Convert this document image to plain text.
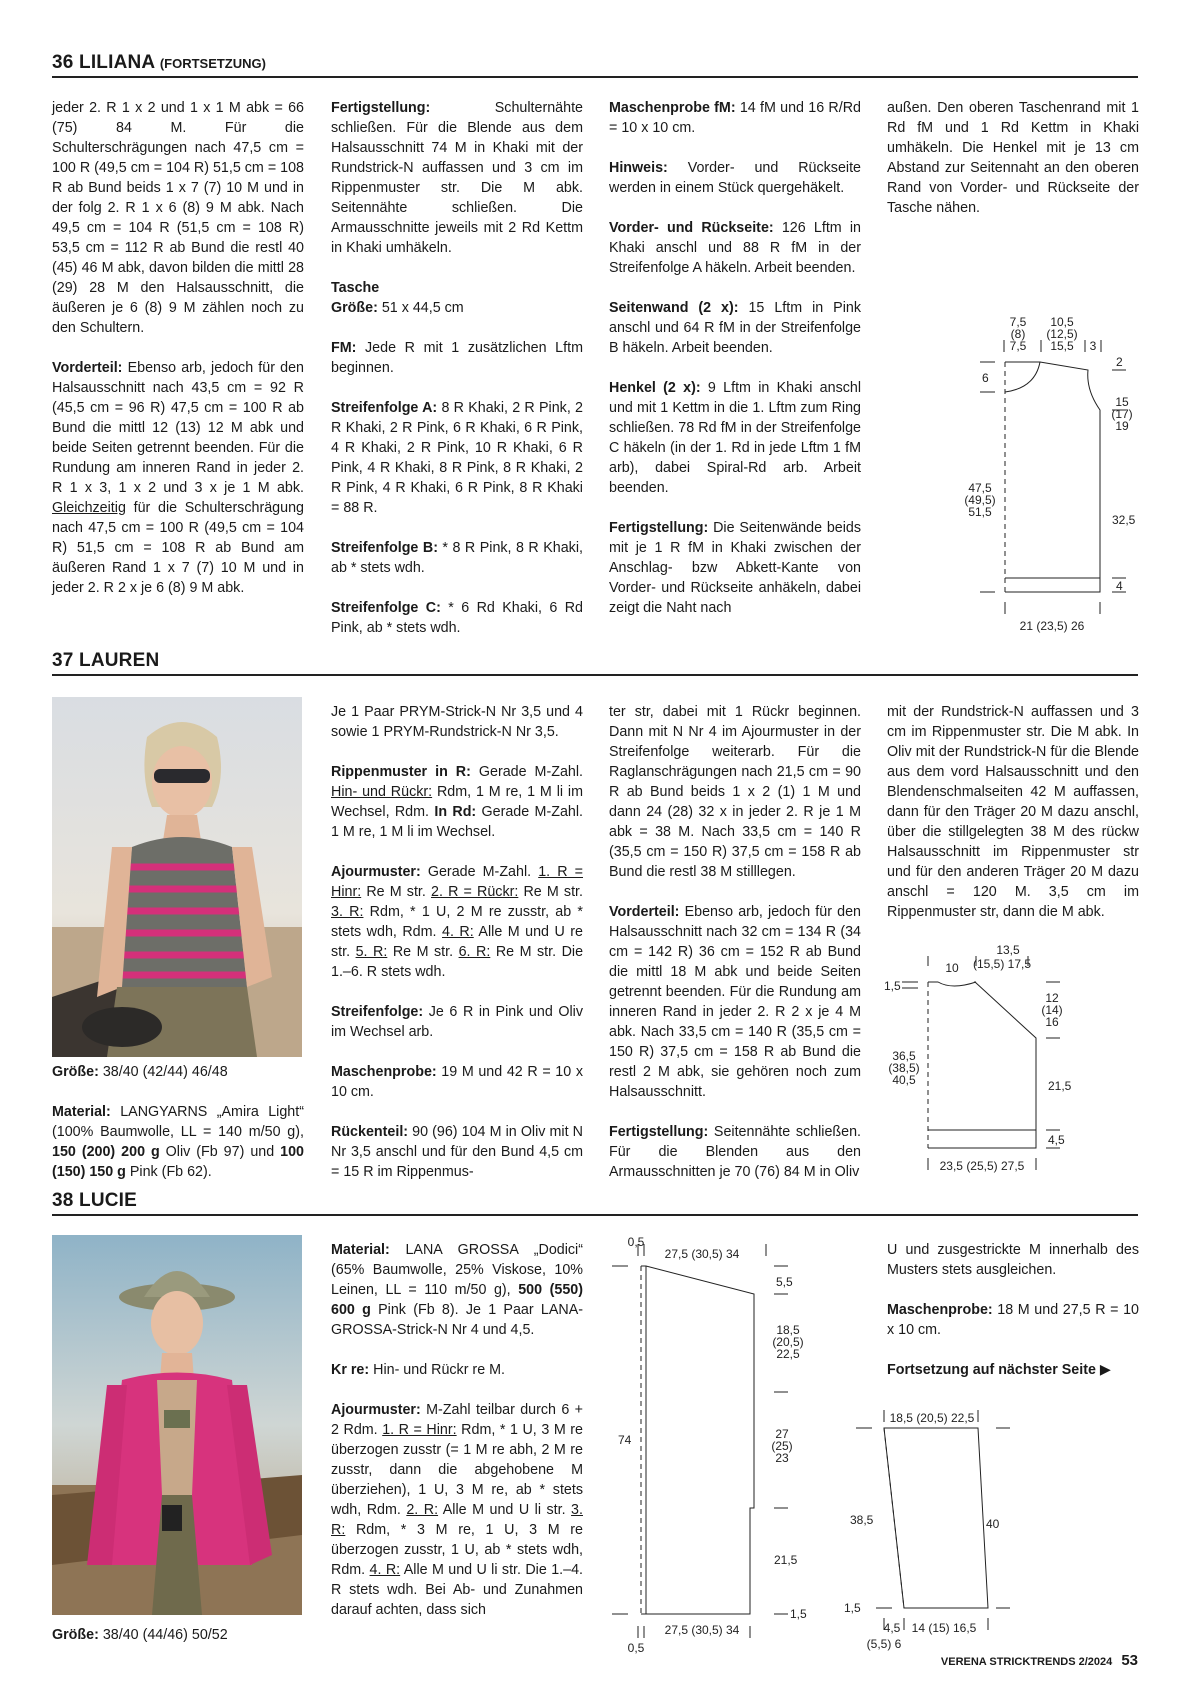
36 LILIANA (FORTSETZUNG)

jeder 2. R 1 x 2 und 1 x 1 M abk = 66 (75) 84 M. Für die Schulterschrägungen nach 47,5 cm = 100 R (49,5 cm = 104 R) 51,5 cm = 108 R ab Bund beids 1 x 7 (7) 10 M und in der folg 2. R 1 x 6 (8) 9 M abk. Nach 49,5 cm = 104 R (51,5 cm = 108 R) 53,5 cm = 112 R ab Bund die restl 40 (45) 46 M abk, davon bilden die mittl 28 (29) 28 M den Halsausschnitt, die äußeren je 6 (8) 9 M zählen noch zu den Schultern.

Vorderteil: Ebenso arb, jedoch für den Halsausschnitt nach 43,5 cm = 92 R (45,5 cm = 96 R) 47,5 cm = 100 R ab Bund die mittl 12 (13) 12 M abk und beide Seiten getrennt beenden. Für die Rundung am inneren Rand in jeder 2. R 1 x 3, 1 x 2 und 3 x je 1 M abk. Gleichzeitig für die Schulterschrägung nach 47,5 cm = 100 R (49,5 cm = 104 R) 51,5 cm = 108 R ab Bund am äußeren Rand 1 x 7 (7) 10 M und in jeder 2. R 2 x je 6 (8) 9 M abk.

Fertigstellung: Schulternähte schließen. Für die Blende aus dem Halsausschnitt 74 M in Khaki mit der Rundstrick-N auffassen und 3 cm im Rippenmuster str. Die M abk. Seitennähte schließen. Die Armausschnitte jeweils mit 2 Rd Kettm in Khaki umhäkeln.

Tasche
Größe: 51 x 44,5 cm

FM: Jede R mit 1 zusätzlichen Lftm beginnen.

Streifenfolge A: 8 R Khaki, 2 R Pink, 2 R Khaki, 2 R Pink, 6 R Khaki, 6 R Pink, 4 R Khaki, 2 R Pink, 10 R Khaki, 6 R Pink, 4 R Khaki, 8 R Pink, 8 R Khaki, 2 R Pink, 4 R Khaki, 6 R Pink, 8 R Khaki = 88 R.

Streifenfolge B: * 8 R Pink, 8 R Khaki, ab * stets wdh.

Streifenfolge C: * 6 Rd Khaki, 6 Rd Pink, ab * stets wdh.

Maschenprobe fM: 14 fM und 16 R/Rd = 10 x 10 cm.

Hinweis: Vorder- und Rückseite werden in einem Stück quergehäkelt.

Vorder- und Rückseite: 126 Lftm in Khaki anschl und 88 R fM in der Streifenfolge A häkeln. Arbeit beenden.

Seitenwand (2 x): 15 Lftm in Pink anschl und 64 R fM in der Streifenfolge B häkeln. Arbeit beenden.

Henkel (2 x): 9 Lftm in Khaki anschl und mit 1 Kettm in die 1. Lftm zum Ring schließen. 78 Rd fM in der Streifenfolge C häkeln (in der 1. Rd in jede Lftm 1 fM arb), dabei Spiral-Rd arb. Arbeit beenden.

Fertigstellung: Die Seitenwände beids mit je 1 R fM in Khaki zwischen der Anschlag- bzw Abkett-Kante von Vorder- und Rückseite anhäkeln, dabei zeigt die Naht nach

außen. Den oberen Taschenrand mit 1 Rd fM und 1 Rd Kettm in Khaki umhäkeln. Die Henkel mit je 13 cm Abstand zur Seitennaht an den oberen Rand von Vorder- und Rückseite der Tasche nähen.

7,5
(8)
7,5
10,5
(12,5)
15,5 3
6
2
15
(17)
19
47,5
(49,5)
51,5
32,5
4
21 (23,5) 26
37 LAUREN

Größe: 38/40 (42/44) 46/48

Material: LANGYARNS „Amira Light“ (100% Baumwolle, LL = 140 m/50 g), 150 (200) 200 g Oliv (Fb 97) und 100 (150) 150 g Pink (Fb 62).

Je 1 Paar PRYM-Strick-N Nr 3,5 und 4 sowie 1 PRYM-Rundstrick-N Nr 3,5.

Rippenmuster in R: Gerade M-Zahl. Hin- und Rückr: Rdm, 1 M re, 1 M li im Wechsel, Rdm. In Rd: Gerade M-Zahl. 1 M re, 1 M li im Wechsel.

Ajourmuster: Gerade M-Zahl. 1. R = Hinr: Re M str. 2. R = Rückr: Re M str. 3. R: Rdm, * 1 U, 2 M re zusstr, ab * stets wdh, Rdm. 4. R: Alle M und U re str. 5. R: Re M str. 6. R: Re M str. Die 1.–6. R stets wdh.

Streifenfolge: Je 6 R in Pink und Oliv im Wechsel arb.

Maschenprobe: 19 M und 42 R = 10 x 10 cm.

Rückenteil: 90 (96) 104 M in Oliv mit N Nr 3,5 anschl und für den Bund 4,5 cm = 15 R im Rippenmus-

ter str, dabei mit 1 Rückr beginnen. Dann mit N Nr 4 im Ajourmuster in der Streifenfolge weiterarb. Für die Raglanschrägungen nach 21,5 cm = 90 R ab Bund beids 1 x 2 (1) 1 M und dann 24 (28) 32 x in jeder 2. R je 1 M abk = 38 M. Nach 33,5 cm = 140 R (35,5 cm = 150 R) 37,5 cm = 158 R ab Bund die restl 38 M stilllegen.

Vorderteil: Ebenso arb, jedoch für den Halsausschnitt nach 32 cm = 134 R (34 cm = 142 R) 36 cm = 152 R ab Bund die mittl 18 M abk und beide Seiten getrennt beenden. Für die Rundung am inneren Rand in jeder 2. R 2 x je 4 M abk. Nach 33,5 cm = 140 R (35,5 cm = 150 R) 37,5 cm = 158 R ab Bund die restl 2 M abk, sie gehören noch zum Halsausschnitt.

Fertigstellung: Seitennähte schließen. Für die Blenden aus den Armausschnitten je 70 (76) 84 M in Oliv

mit der Rundstrick-N auffassen und 3 cm im Rippenmuster str. Die M abk. In Oliv mit der Rundstrick-N für die Blende aus dem vord Halsausschnitt und den Blendenschmalseiten 42 M auffassen, dann für den Träger 20 M dazu anschl, über die stillgelegten 38 M des rückw Halsausschnitt im Rippenmuster str und für den anderen Träger 20 M dazu anschl = 120 M. 3,5 cm im Rippenmuster str, dann die M abk.

10
13,5
(15,5) 17,5
1,5
12
(14)
16
36,5
(38,5)
40,5	21,5
4,5
23,5 (25,5) 27,5
38 LUCIE
Größe: 38/40 (44/46) 50/52

Material: LANA GROSSA „Dodici“ (65% Baumwolle, 25% Viskose, 10% Leinen, LL = 110 m/50 g), 500 (550) 600 g Pink (Fb 8). Je 1 Paar LANA-GROSSA-Strick-N Nr 4 und 4,5.

Kr re: Hin- und Rückr re M.

Ajourmuster: M-Zahl teilbar durch 6 + 2 Rdm. 1. R = Hinr: Rdm, * 1 U, 3 M re überzogen zusstr (= 1 M re abh, 2 M re zusstr, dann die abgehobene M überziehen), 1 U, 3 M re, ab * stets wdh, Rdm. 2. R: Alle M und U li str. 3. R: Rdm, * 3 M re, 1 U, 3 M re überzogen zusstr, 1 U, ab * stets wdh, Rdm. 4. R: Alle M und U li str. Die 1.–4. R stets wdh. Bei Ab- und Zunahmen darauf achten, dass sich

0,5
27,5 (30,5) 34
5,5
18,5
(20,5)
22,5
74	27
(25)
23
21,5
1,5
0,5
27,5 (30,5) 34

U und zusgestrickte M innerhalb des Musters stets ausgleichen.

Maschenprobe: 18 M und 27,5 R = 10 x 10 cm.

Fortsetzung auf nächster Seite ▶

18,5 (20,5) 22,5
38,5	40
1,5
4,5
(5,5) 6
14 (15) 16,5
VERENA STRICKTRENDS 2/2024 53
